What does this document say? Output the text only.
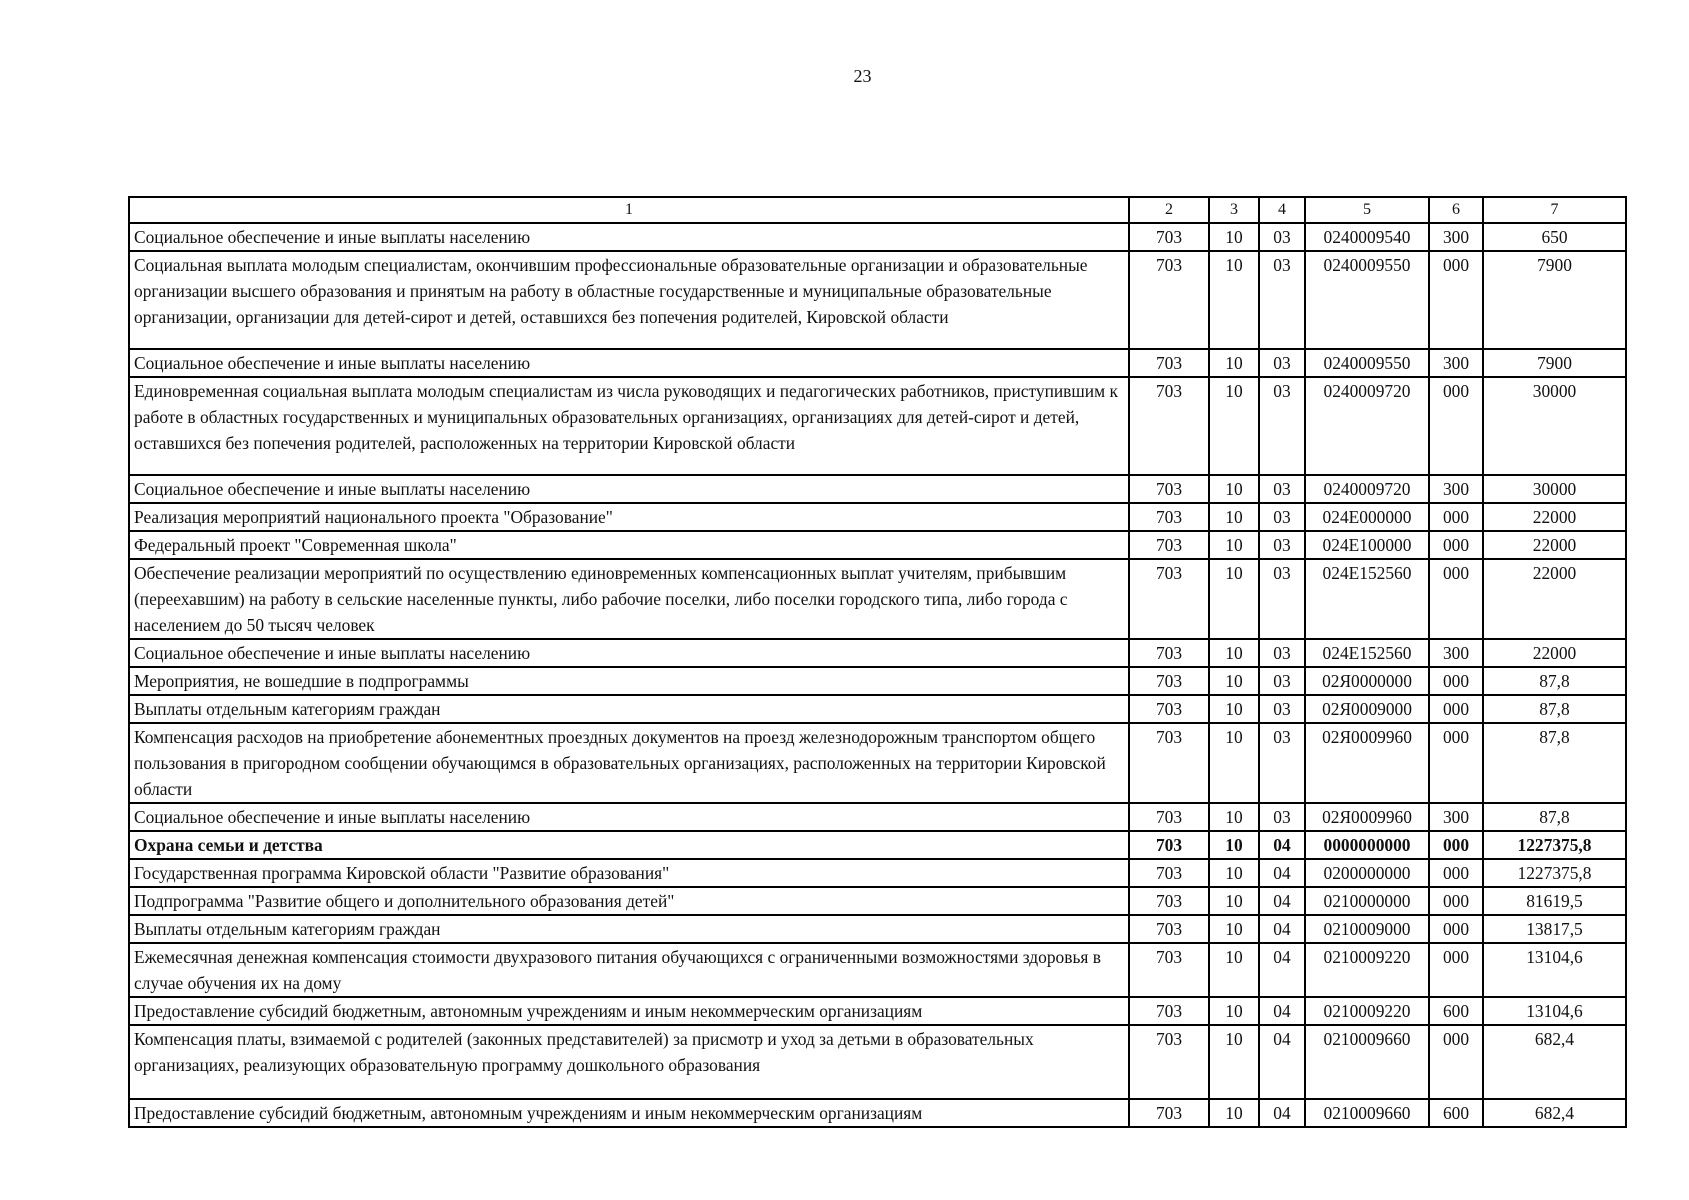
23
1	2	3	4	5	6	7
Социальное обеспечение и иные выплаты населению	703	10	03	0240009540	300	650
Социальная выплата молодым специалистам, окончившим профессиональные образовательные организации и образовательные организации высшего образования и принятым на работу в областные государственные и муниципальные образовательные организации, организации для детей-сирот и детей, оставшихся без попечения родителей, Кировской области	703	10	03	0240009550	000	7900
Социальное обеспечение и иные выплаты населению	703	10	03	0240009550	300	7900
Единовременная социальная выплата молодым специалистам из числа руководящих и педагогических работников, приступившим к работе в областных государственных и муниципальных образовательных организациях, организациях для детей-сирот и детей, оставшихся без попечения родителей, расположенных на территории Кировской области	703	10	03	0240009720	000	30000
Социальное обеспечение и иные выплаты населению	703	10	03	0240009720	300	30000
Реализация мероприятий национального проекта "Образование"	703	10	03	024E000000	000	22000
Федеральный проект "Современная школа"	703	10	03	024E100000	000	22000
Обеспечение реализации мероприятий по осуществлению единовременных компенсационных выплат учителям, прибывшим (переехавшим) на работу в сельские населенные пункты, либо рабочие поселки, либо поселки городского типа, либо города с населением до 50 тысяч человек	703	10	03	024E152560	000	22000
Социальное обеспечение и иные выплаты населению	703	10	03	024E152560	300	22000
Мероприятия, не вошедшие в подпрограммы	703	10	03	02Я0000000	000	87,8
Выплаты отдельным категориям граждан	703	10	03	02Я0009000	000	87,8
Компенсация расходов на приобретение абонементных проездных документов на проезд железнодорожным транспортом общего пользования в пригородном сообщении обучающимся в образовательных организациях, расположенных на территории Кировской области	703	10	03	02Я0009960	000	87,8
Социальное обеспечение и иные выплаты населению	703	10	03	02Я0009960	300	87,8
Охрана семьи и детства	703	10	04	0000000000	000	1227375,8
Государственная программа Кировской области "Развитие образования"	703	10	04	0200000000	000	1227375,8
Подпрограмма "Развитие общего и дополнительного образования детей"	703	10	04	0210000000	000	81619,5
Выплаты отдельным категориям граждан	703	10	04	0210009000	000	13817,5
Ежемесячная денежная компенсация стоимости двухразового питания обучающихся с ограниченными возможностями здоровья в случае обучения их на дому	703	10	04	0210009220	000	13104,6
Предоставление субсидий бюджетным, автономным учреждениям и иным некоммерческим организациям	703	10	04	0210009220	600	13104,6
Компенсация платы, взимаемой с родителей (законных представителей) за присмотр и уход за детьми в образовательных организациях, реализующих образовательную программу дошкольного образования	703	10	04	0210009660	000	682,4
Предоставление субсидий бюджетным, автономным учреждениям и иным некоммерческим организациям	703	10	04	0210009660	600	682,4
